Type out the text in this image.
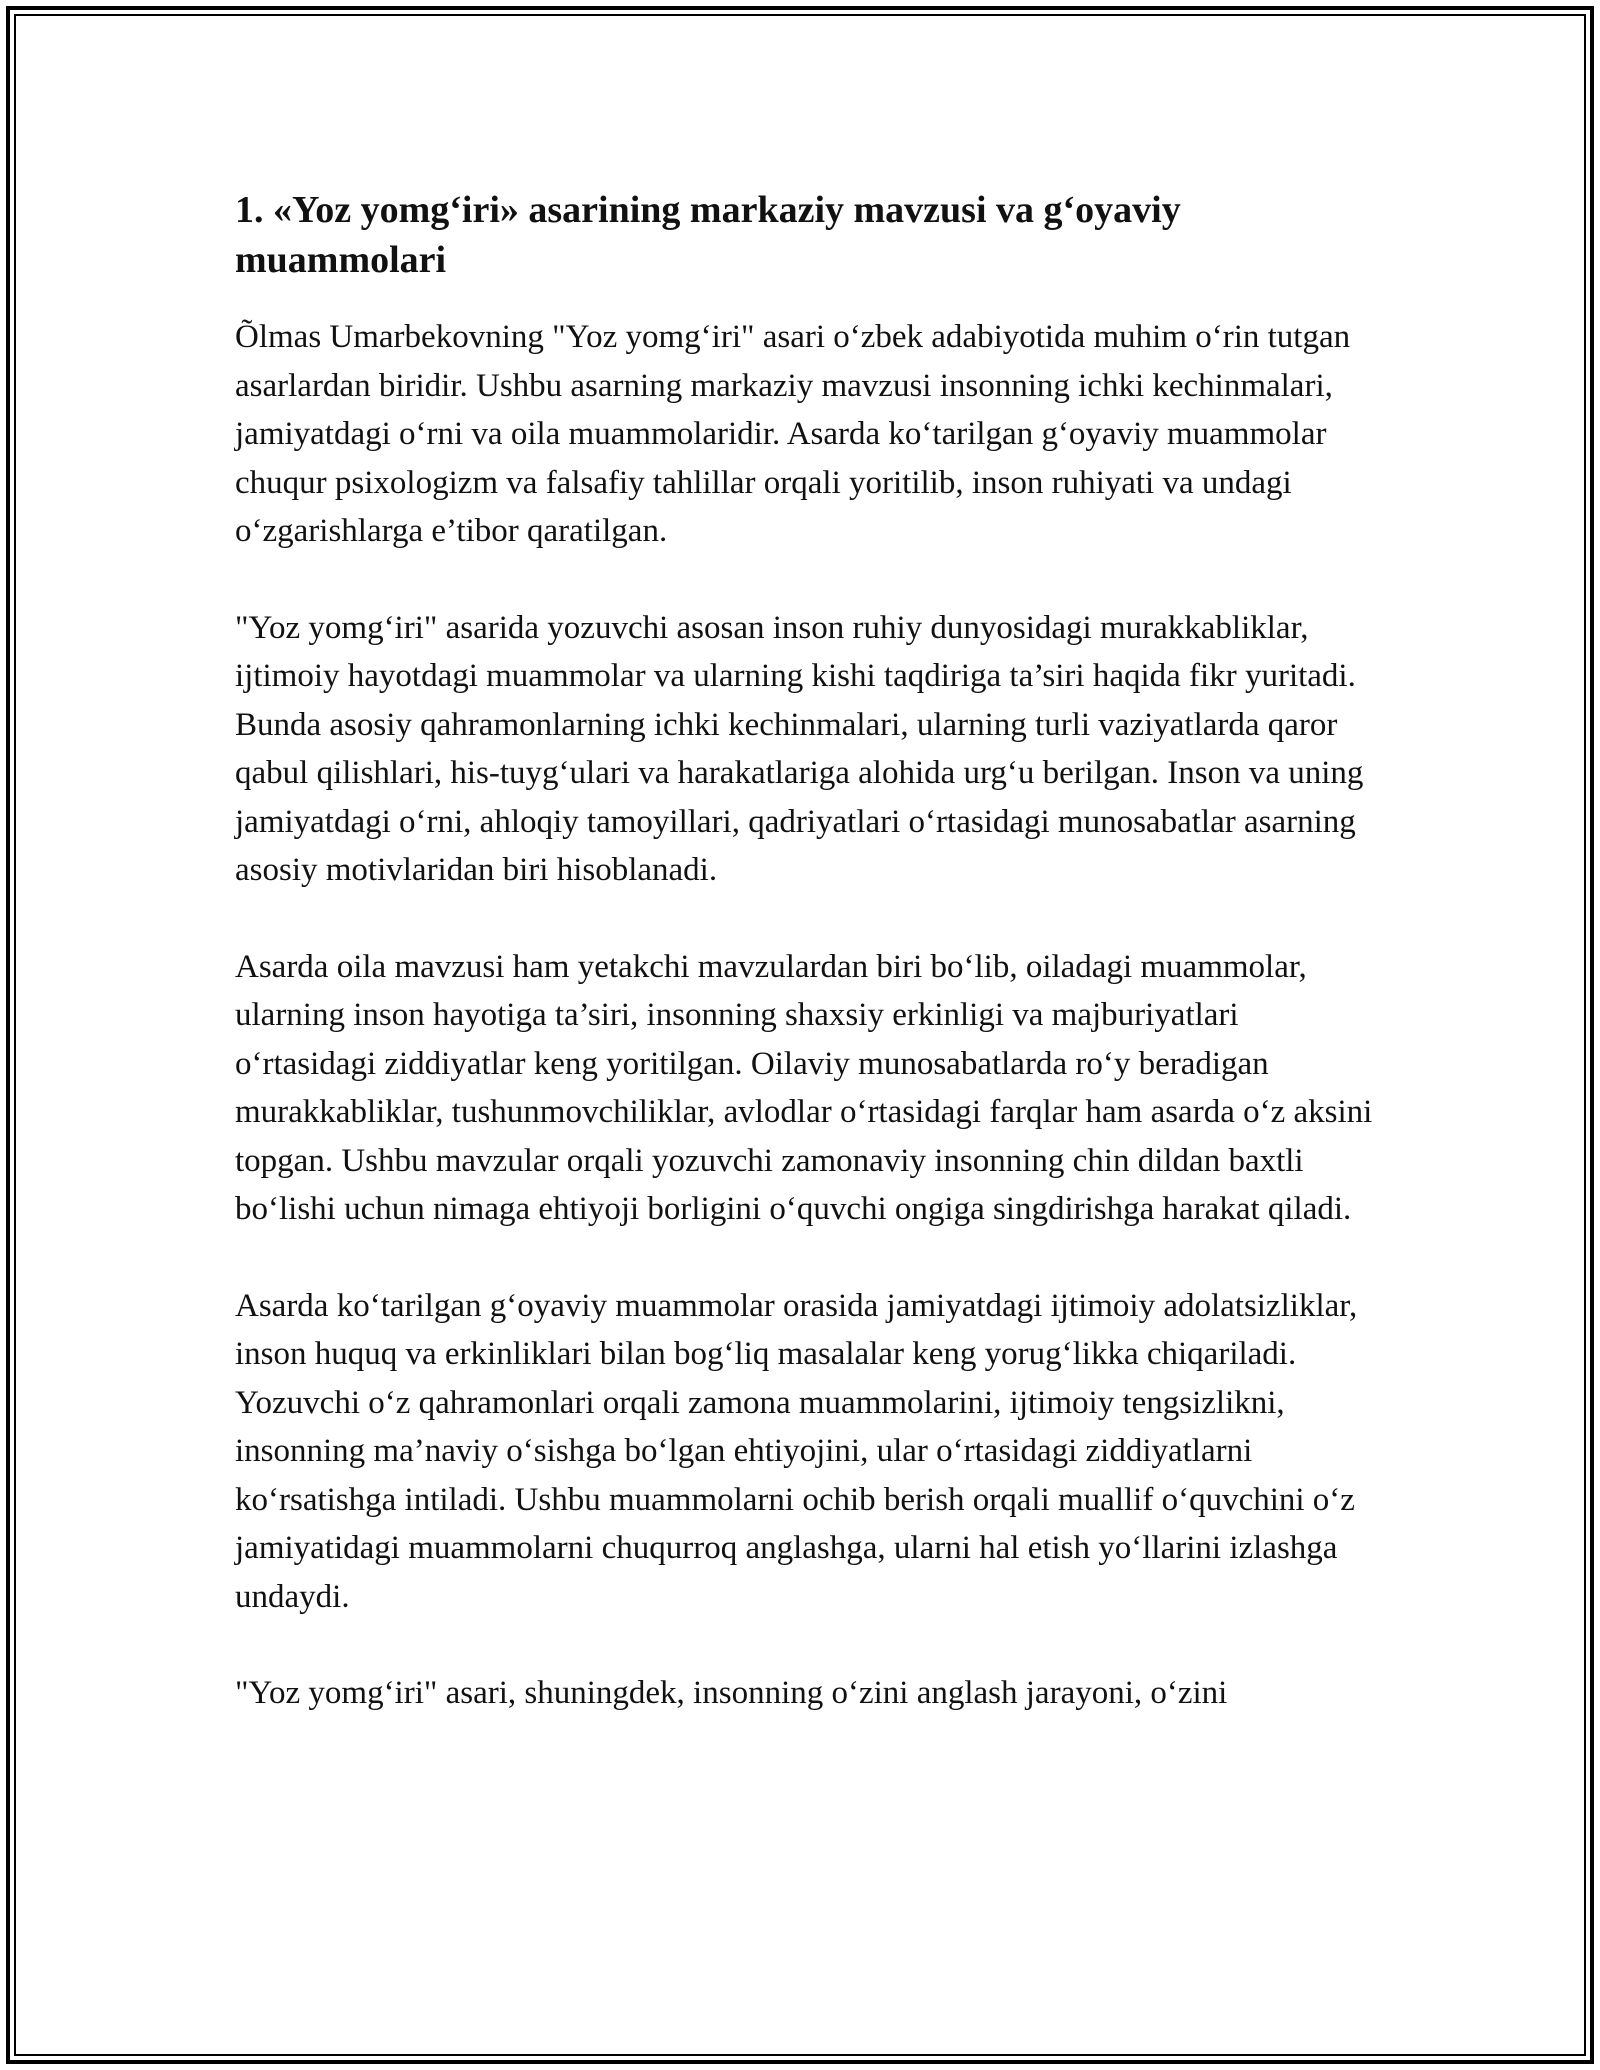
1. «Yoz yomg‘iri» asarining markaziy mavzusi va g‘oyaviy muammolari

Õlmas Umarbekovning "Yoz yomg‘iri" asari o‘zbek adabiyotida muhim o‘rin tutgan asarlardan biridir. Ushbu asarning markaziy mavzusi insonning ichki kechinmalari, jamiyatdagi o‘rni va oila muammolaridir. Asarda ko‘tarilgan g‘oyaviy muammolar chuqur psixologizm va falsafiy tahlillar orqali yoritilib, inson ruhiyati va undagi o‘zgarishlarga e’tibor qaratilgan.

"Yoz yomg‘iri" asarida yozuvchi asosan inson ruhiy dunyosidagi murakkabliklar, ijtimoiy hayotdagi muammolar va ularning kishi taqdiriga ta’siri haqida fikr yuritadi. Bunda asosiy qahramonlarning ichki kechinmalari, ularning turli vaziyatlarda qaror qabul qilishlari, his-tuyg‘ulari va harakatlariga alohida urg‘u berilgan. Inson va uning jamiyatdagi o‘rni, ahloqiy tamoyillari, qadriyatlari o‘rtasidagi munosabatlar asarning asosiy motivlaridan biri hisoblanadi.

Asarda oila mavzusi ham yetakchi mavzulardan biri bo‘lib, oiladagi muammolar, ularning inson hayotiga ta’siri, insonning shaxsiy erkinligi va majburiyatlari o‘rtasidagi ziddiyatlar keng yoritilgan. Oilaviy munosabatlarda ro‘y beradigan murakkabliklar, tushunmovchiliklar, avlodlar o‘rtasidagi farqlar ham asarda o‘z aksini topgan. Ushbu mavzular orqali yozuvchi zamonaviy insonning chin dildan baxtli bo‘lishi uchun nimaga ehtiyoji borligini o‘quvchi ongiga singdirishga harakat qiladi.

Asarda ko‘tarilgan g‘oyaviy muammolar orasida jamiyatdagi ijtimoiy adolatsizliklar, inson huquq va erkinliklari bilan bog‘liq masalalar keng yorug‘likka chiqariladi. Yozuvchi o‘z qahramonlari orqali zamona muammolarini, ijtimoiy tengsizlikni, insonning ma’naviy o‘sishga bo‘lgan ehtiyojini, ular o‘rtasidagi ziddiyatlarni ko‘rsatishga intiladi. Ushbu muammolarni ochib berish orqali muallif o‘quvchini o‘z jamiyatidagi muammolarni chuqurroq anglashga, ularni hal etish yo‘llarini izlashga undaydi.

"Yoz yomg‘iri" asari, shuningdek, insonning o‘zini anglash jarayoni, o‘zini
